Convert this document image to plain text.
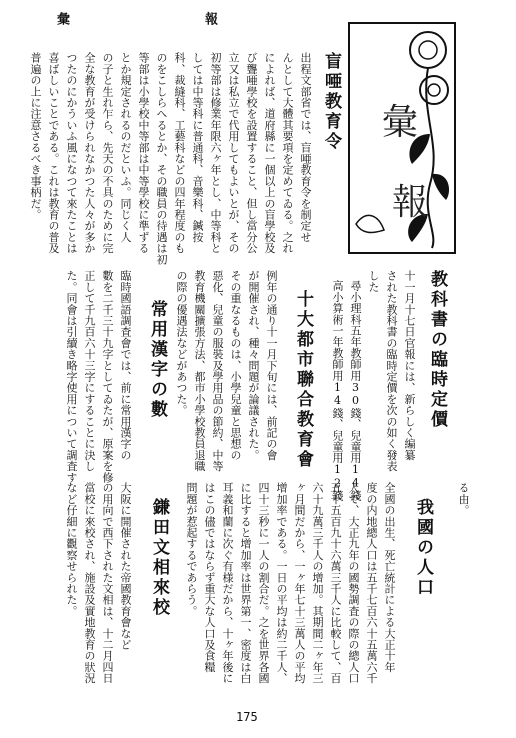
彙	報
彙
報
盲唖教育令
出程文部省では、盲唖教育令を制定せ
んとして大體其要項を定めてゐる。之れ
によれば、道府縣に一個以上の盲學校及
び聾唖學校を設置すること、但し當分公
立又は私立で代用してもよいとが、その
初等部は修業年限六ヶ年とし、中等科と
しては中等科に普通科、音樂科、鍼按
科、裁縫科、工藝科などの四年程度のも
のをこしらへるとか、その職員の待遇は初
等部は小學校中等部は中等學校に準ずる
とか規定されるのだといふ。同じく人
の子と生れ乍ら、先天の不具のために完
全な教育が受けられなかつた人々が多か
つたのにかういふ風になつて來たことは
喜ばしいことである。これは教育の普及
普遍の上に注意さるべき事柄だ。
教科書の臨時定價
十一月十七日官報には、新らしく編纂
された教科書の臨時定價を次の如く發表
した
尋小理科五年教師用30錢、兒童用14錢
高小算術一年教師用14錢、兒童用12錢
十大都市聯合教育會
例年の通り十一月下旬には、前記の會
が開催され、種々問題が論議された。
その重なるものは、小學兒童と思想の
惡化、兒童の服裝及學用品の節約、中等
教育機關擴張方法、都市小學校教員退職
の際の優遇法などがあつた。
常用漢字の數
臨時國語調査會では、前に常用漢字の
數を二千三十九字としてゐたが、原案を修
正して千九百六十三字にすることに決し
た。同會は引續き略字使用について調査す
る由。
我國の人口
全國の出生、死亡統計による大正十年
度の内地總人口は五千七百六十五萬六千
人で、大正九年の國勢調査の際の總人口
五千五百九十六萬三千人に比較して、百
六十九萬三千人の增加。其期間二ヶ年三
ヶ月間だから、一ヶ年七十三萬人の平均
增加率である。一日の平均は約二千人、
四十三秒に一人の割合だ。之を世界各國
に比すると增加率は世界第一、密度は白
耳義和蘭に次ぐ有様だから、十ヶ年後に
はこの儘ではならず重大な人口及食糧
問題が惹起するであらう。
鎌田文相來校
大阪に開催された帝國教育會など
の用向で西下された文相は、十二月四日
當校に來校され、施設及實地教育の狀況
など仔細に觀察せられた。
175
